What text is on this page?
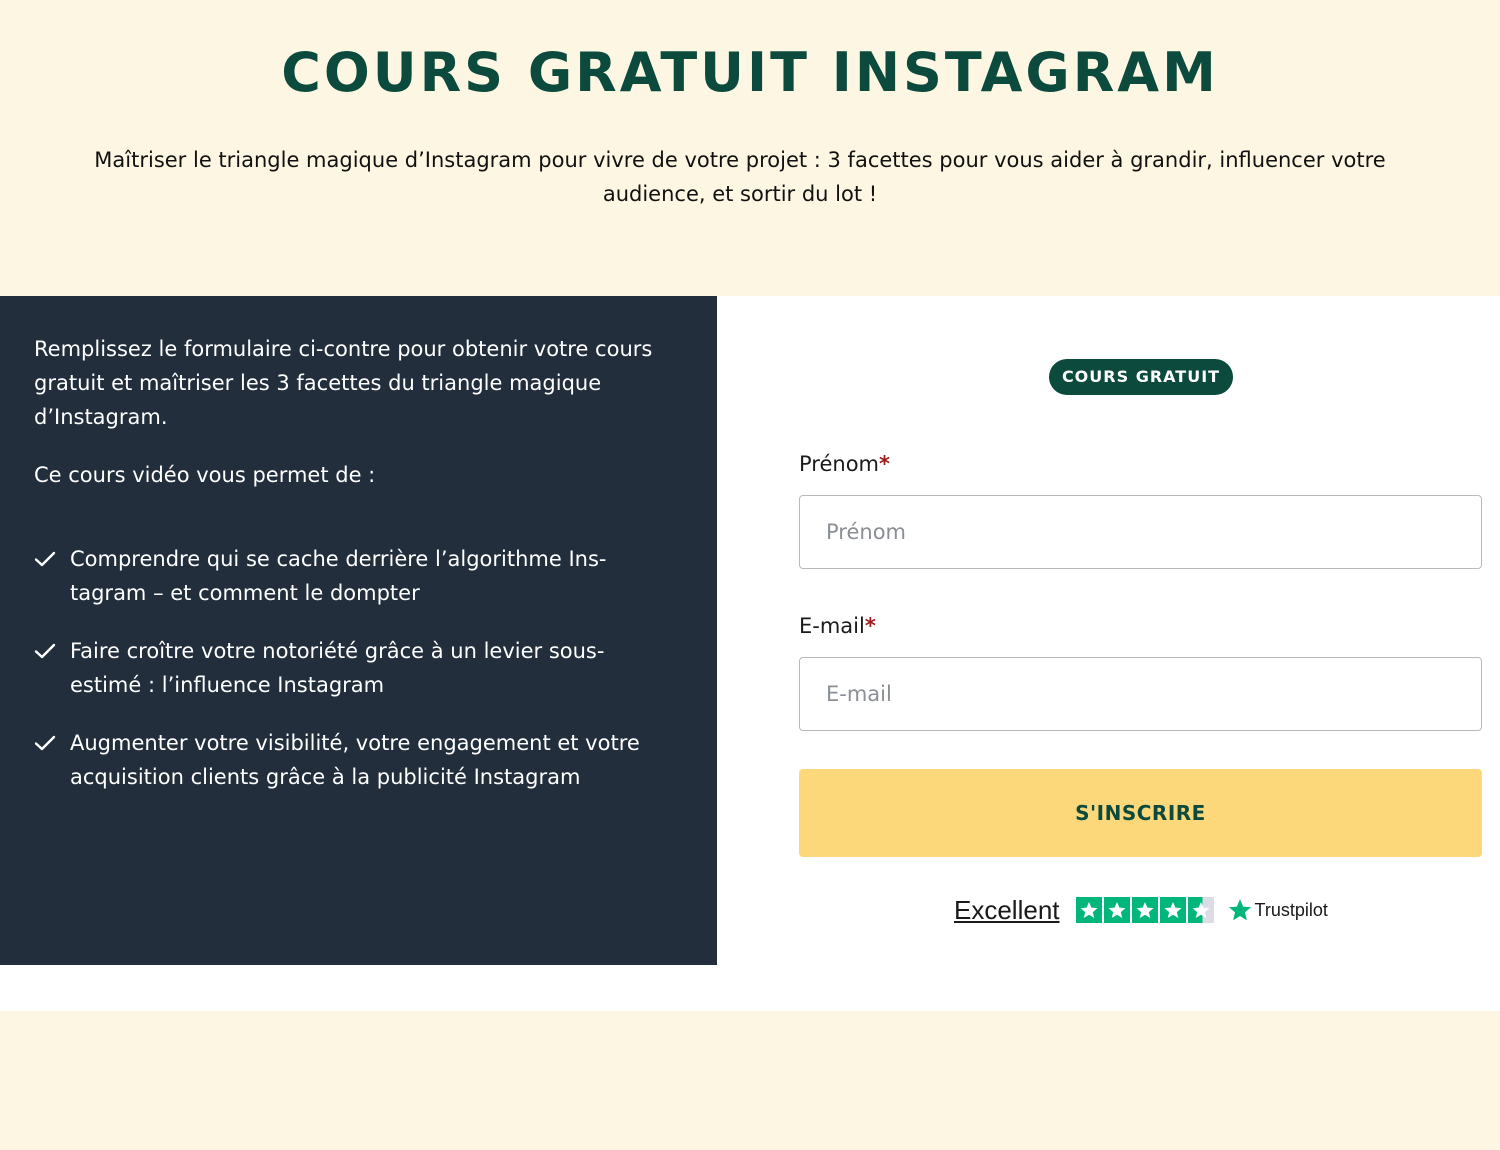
COURS GRATUIT INSTAGRAM

Maîtriser le triangle magique d’Instagram pour vivre de votre projet : 3 facettes pour vous aider à grandir, influencer votre audience, et sortir du lot !

Remplissez le formulaire ci-contre pour obtenir votre cours gratuit et maîtriser les 3 facettes du triangle magique d’Instagram.

Ce cours vidéo vous permet de :

Comprendre qui se cache derrière l’algorithme Instagram – et comment le dompter
Faire croître votre notoriété grâce à un levier sous-estimé : l’influence Instagram
Augmenter votre visibilité, votre engagement et votre acquisition clients grâce à la publicité Instagram
COURS GRATUIT
Prénom*
Prénom
E-mail*
E-mail
S'INSCRIRE
Excellent	Trustpilot
